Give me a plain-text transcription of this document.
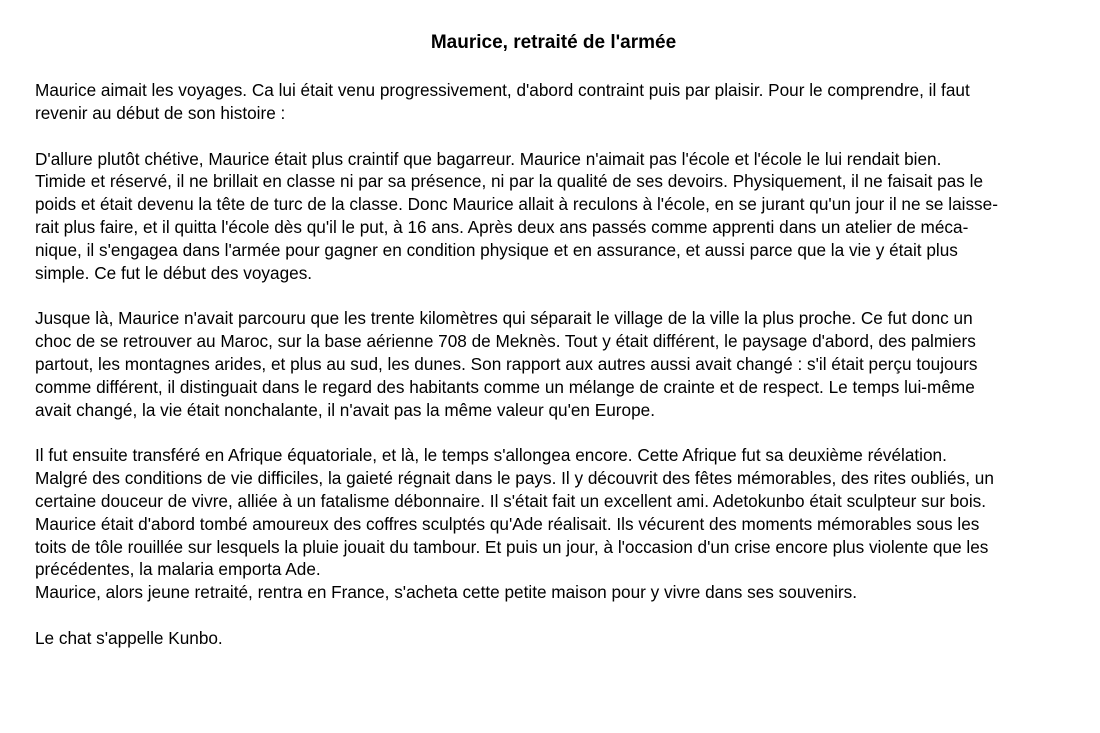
Maurice, retraité de l'armée
Maurice aimait les voyages. Ca lui était venu progressivement, d'abord contraint puis par plaisir. Pour le comprendre, il faut
revenir au début de son histoire :
D'allure plutôt chétive, Maurice était plus craintif que bagarreur. Maurice n'aimait pas l'école et l'école le lui rendait bien.
Timide et réservé, il ne brillait en classe ni par sa présence, ni par la qualité de ses devoirs. Physiquement, il ne faisait pas le
poids et était devenu la tête de turc de la classe. Donc Maurice allait à reculons à l'école, en se jurant qu'un jour il ne se laisse-
rait plus faire, et il quitta l'école dès qu'il le put, à 16 ans. Après deux ans passés comme apprenti dans un atelier de méca-
nique, il s'engagea dans l'armée pour gagner en condition physique et en assurance, et aussi parce que la vie y était plus
simple. Ce fut le début des voyages.
Jusque là, Maurice n'avait parcouru que les trente kilomètres qui séparait le village de la ville la plus proche. Ce fut donc un
choc de se retrouver au Maroc, sur la base aérienne 708 de Meknès. Tout y était différent, le paysage d'abord, des palmiers
partout, les montagnes arides, et plus au sud, les dunes. Son rapport aux autres aussi avait changé : s'il était perçu toujours
comme différent, il distinguait dans le regard des habitants comme un mélange de crainte et de respect. Le temps lui-même
avait changé, la vie était nonchalante, il n'avait pas la même valeur qu'en Europe.
Il fut ensuite transféré en Afrique équatoriale, et là, le temps s'allongea encore. Cette Afrique fut sa deuxième révélation.
Malgré des conditions de vie difficiles, la gaieté régnait dans le pays. Il y découvrit des fêtes mémorables, des rites oubliés, un
certaine douceur de vivre, alliée à un fatalisme débonnaire. Il s'était fait un excellent ami. Adetokunbo était sculpteur sur bois.
Maurice était d'abord tombé amoureux des coffres sculptés qu'Ade réalisait. Ils vécurent des moments mémorables sous les
toits de tôle rouillée sur lesquels la pluie jouait du tambour. Et puis un jour, à l'occasion d'un crise encore plus violente que les
précédentes, la malaria emporta Ade.
Maurice, alors jeune retraité, rentra en France, s'acheta cette petite maison pour y vivre dans ses souvenirs.
Le chat s'appelle Kunbo.
